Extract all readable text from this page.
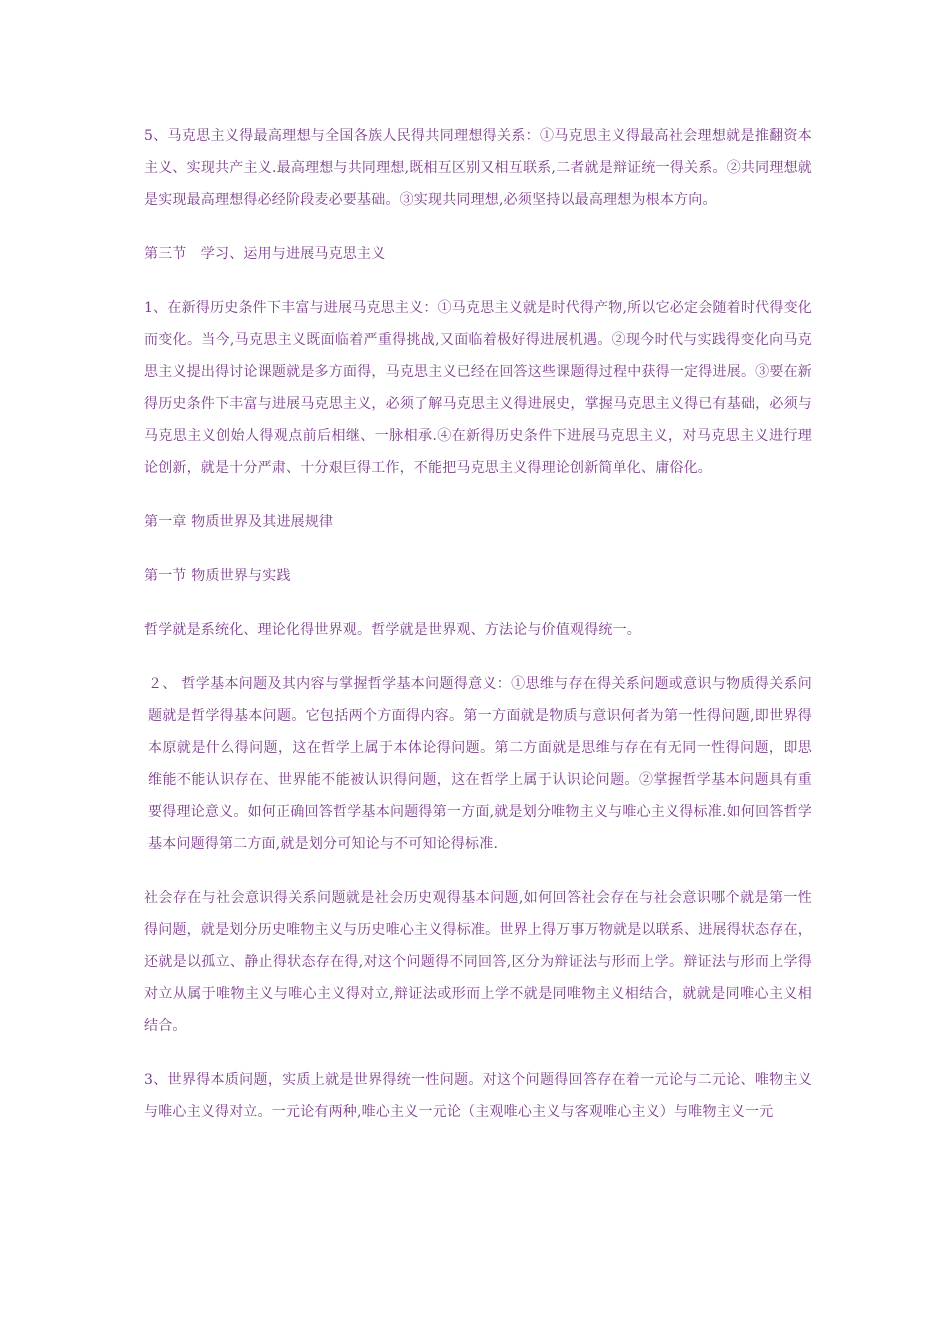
5、马克思主义得最高理想与全国各族人民得共同理想得关系：①马克思主义得最高社会理想就是推翻资本主义、实现共产主义.最高理想与共同理想,既相互区别又相互联系,二者就是辩证统一得关系。②共同理想就是实现最高理想得必经阶段麦必要基础。③实现共同理想,必须坚持以最高理想为根本方向。

第三节　学习、运用与进展马克思主义

1、在新得历史条件下丰富与进展马克思主义：①马克思主义就是时代得产物,所以它必定会随着时代得变化而变化。当今,马克思主义既面临着严重得挑战,又面临着极好得进展机遇。②现今时代与实践得变化向马克思主义提出得讨论课题就是多方面得，马克思主义已经在回答这些课题得过程中获得一定得进展。③要在新得历史条件下丰富与进展马克思主义，必须了解马克思主义得进展史，掌握马克思主义得已有基础，必须与马克思主义创始人得观点前后相继、一脉相承.④在新得历史条件下进展马克思主义，对马克思主义进行理论创新，就是十分严肃、十分艰巨得工作，不能把马克思主义得理论创新简单化、庸俗化。

第一章 物质世界及其进展规律

第一节 物质世界与实践

哲学就是系统化、理论化得世界观。哲学就是世界观、方法论与价值观得统一。

２、 哲学基本问题及其内容与掌握哲学基本问题得意义：①思维与存在得关系问题或意识与物质得关系问题就是哲学得基本问题。它包括两个方面得内容。第一方面就是物质与意识何者为第一性得问题,即世界得本原就是什么得问题，这在哲学上属于本体论得问题。第二方面就是思维与存在有无同一性得问题，即思维能不能认识存在、世界能不能被认识得问题，这在哲学上属于认识论问题。②掌握哲学基本问题具有重要得理论意义。如何正确回答哲学基本问题得第一方面,就是划分唯物主义与唯心主义得标准.如何回答哲学基本问题得第二方面,就是划分可知论与不可知论得标准.

社会存在与社会意识得关系问题就是社会历史观得基本问题,如何回答社会存在与社会意识哪个就是第一性得问题，就是划分历史唯物主义与历史唯心主义得标准。世界上得万事万物就是以联系、进展得状态存在，还就是以孤立、静止得状态存在得,对这个问题得不同回答,区分为辩证法与形而上学。辩证法与形而上学得对立从属于唯物主义与唯心主义得对立,辩证法或形而上学不就是同唯物主义相结合，就就是同唯心主义相结合。

3、世界得本质问题，实质上就是世界得统一性问题。对这个问题得回答存在着一元论与二元论、唯物主义与唯心主义得对立。一元论有两种,唯心主义一元论（主观唯心主义与客观唯心主义）与唯物主义一元
